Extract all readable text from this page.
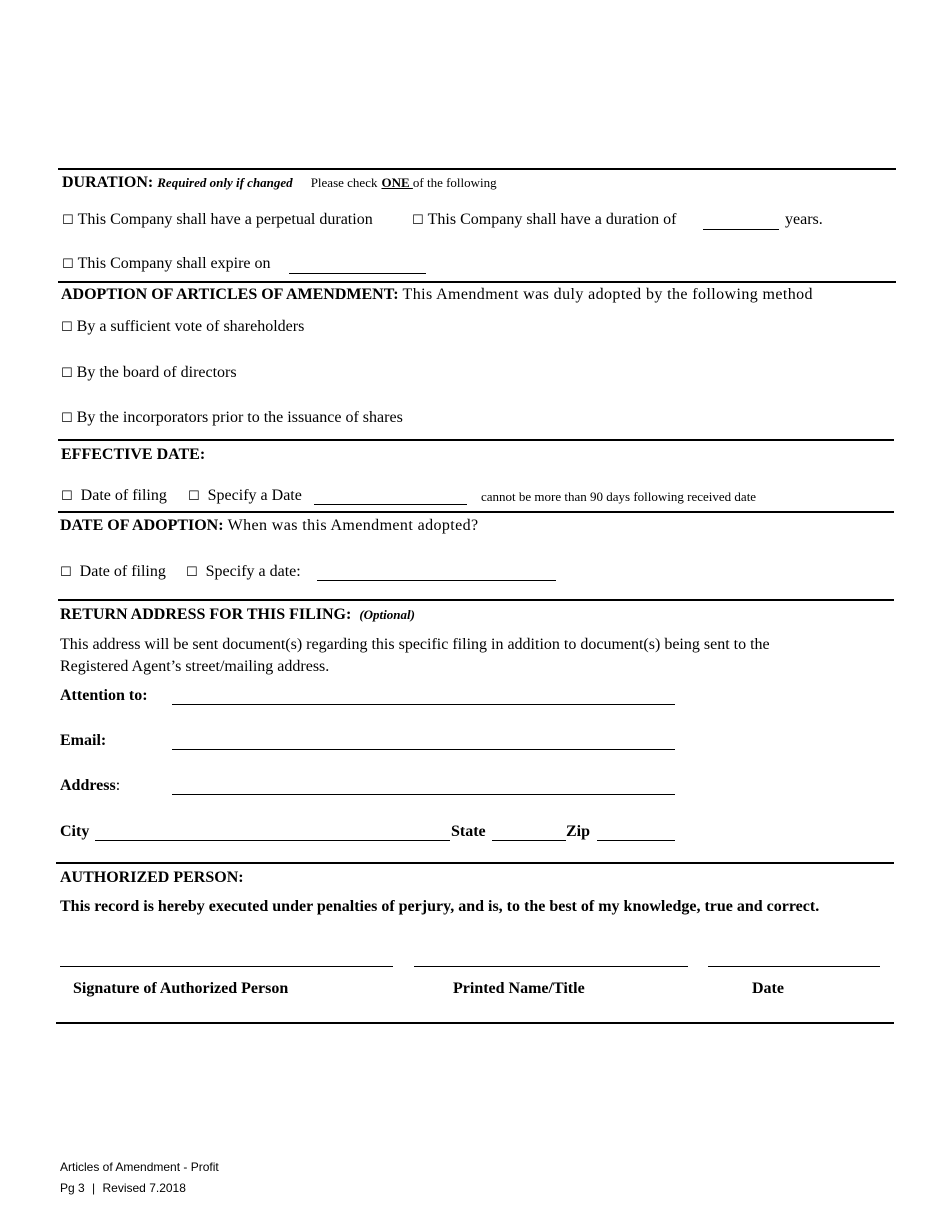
DURATION: Required only if changed Please check ONE of the following
☐ This Company shall have a perpetual duration	☐ This Company shall have a duration of	years.
☐ This Company shall expire on
ADOPTION OF ARTICLES OF AMENDMENT: This Amendment was duly adopted by the following method
☐ By a sufficient vote of shareholders
☐ By the board of directors
☐ By the incorporators prior to the issuance of shares
EFFECTIVE DATE:
☐ Date of filing ☐ Specify a Date	cannot be more than 90 days following received date
DATE OF ADOPTION: When was this Amendment adopted?
☐ Date of filing ☐ Specify a date:
RETURN ADDRESS FOR THIS FILING: (Optional)
This address will be sent document(s) regarding this specific filing in addition to document(s) being sent to the Registered Agent’s street/mailing address.
Attention to:
Email:
Address:
City	State	Zip
AUTHORIZED PERSON:
This record is hereby executed under penalties of perjury, and is, to the best of my knowledge, true and correct.
Signature of Authorized Person	Printed Name/Title	Date
Articles of Amendment - Profit
Pg 3 | Revised 7.2018
